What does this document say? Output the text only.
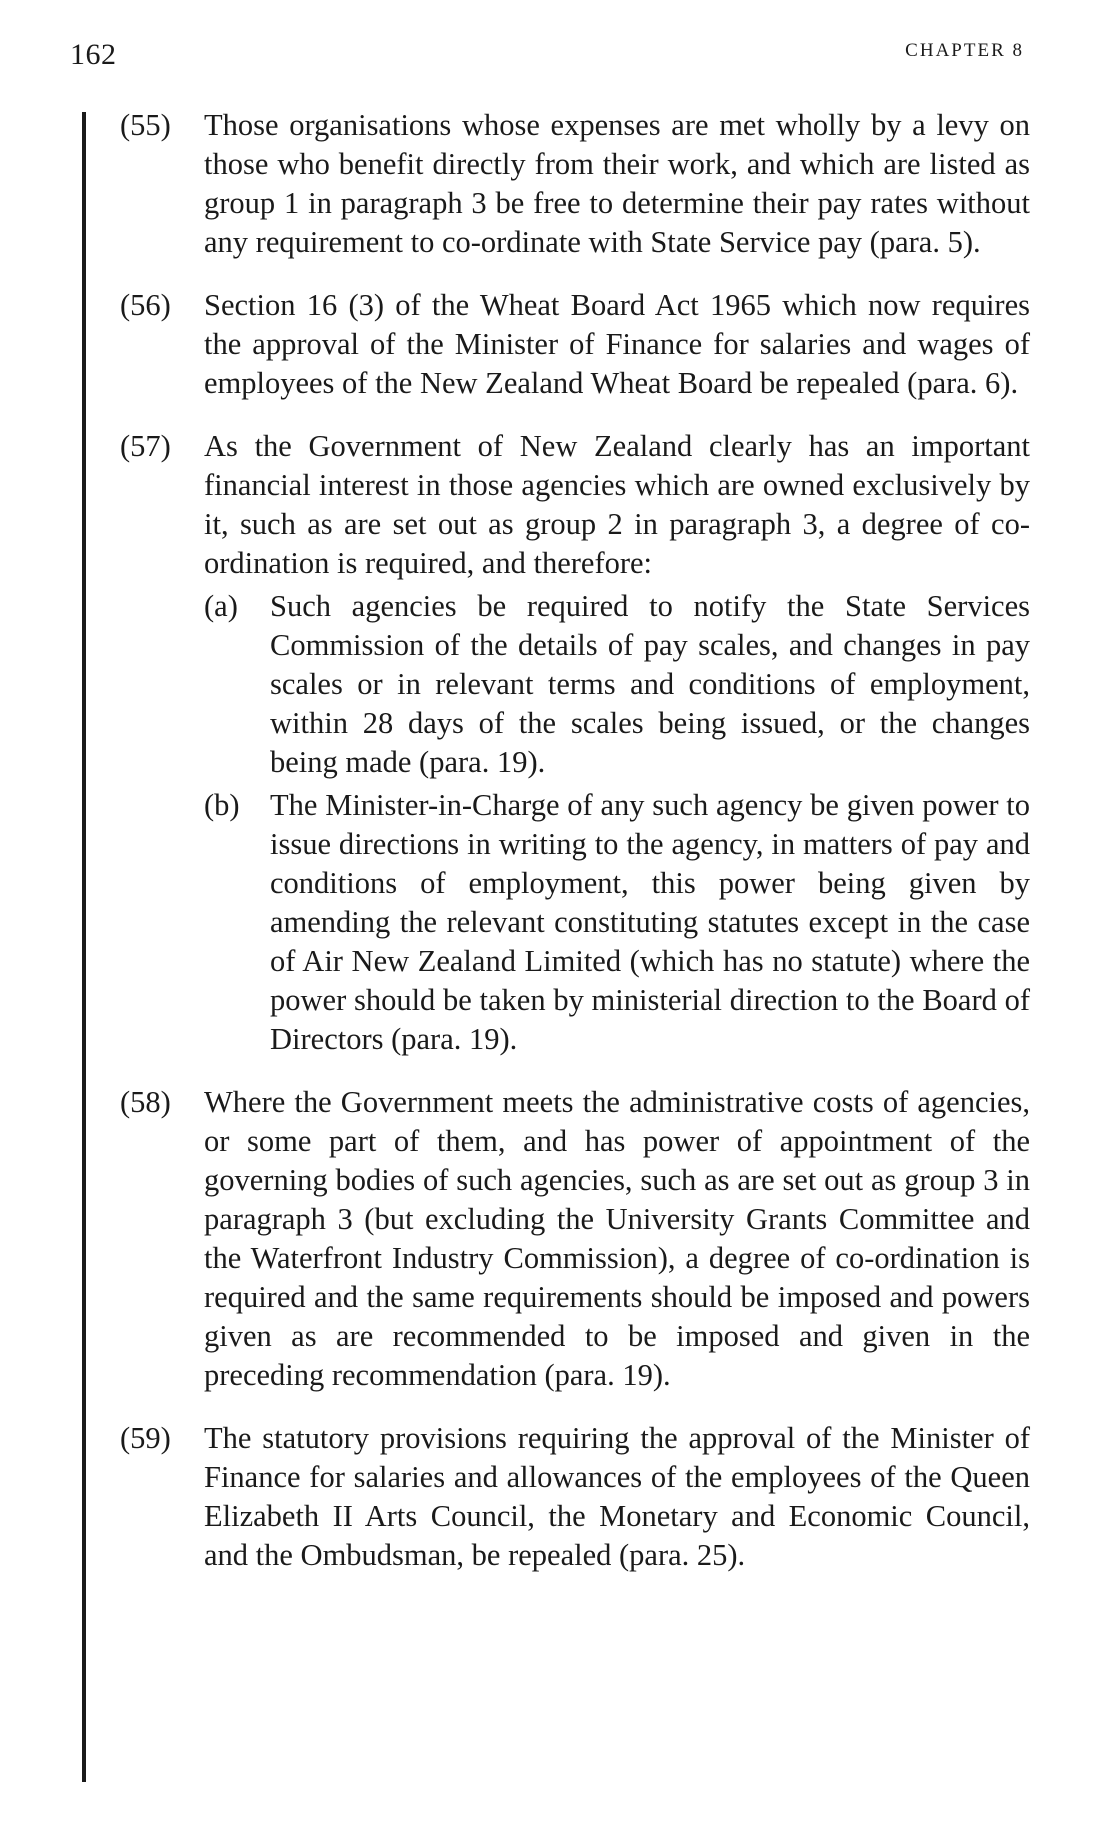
162	CHAPTER 8
(55) Those organisations whose expenses are met wholly by a levy on those who benefit directly from their work, and which are listed as group 1 in paragraph 3 be free to determine their pay rates without any requirement to co-ordinate with State Service pay (para. 5).
(56) Section 16 (3) of the Wheat Board Act 1965 which now requires the approval of the Minister of Finance for salaries and wages of employees of the New Zealand Wheat Board be repealed (para. 6).
(57) As the Government of New Zealand clearly has an important financial interest in those agencies which are owned exclusively by it, such as are set out as group 2 in paragraph 3, a degree of co-ordination is required, and therefore:
(a) Such agencies be required to notify the State Services Commission of the details of pay scales, and changes in pay scales or in relevant terms and conditions of employment, within 28 days of the scales being issued, or the changes being made (para. 19).
(b) The Minister-in-Charge of any such agency be given power to issue directions in writing to the agency, in matters of pay and conditions of employment, this power being given by amending the relevant constituting statutes except in the case of Air New Zealand Limited (which has no statute) where the power should be taken by ministerial direction to the Board of Directors (para. 19).
(58) Where the Government meets the administrative costs of agencies, or some part of them, and has power of appointment of the governing bodies of such agencies, such as are set out as group 3 in paragraph 3 (but excluding the University Grants Committee and the Waterfront Industry Commission), a degree of co-ordination is required and the same requirements should be imposed and powers given as are recommended to be imposed and given in the preceding recommendation (para. 19).
(59) The statutory provisions requiring the approval of the Minister of Finance for salaries and allowances of the employees of the Queen Elizabeth II Arts Council, the Monetary and Economic Council, and the Ombudsman, be repealed (para. 25).
